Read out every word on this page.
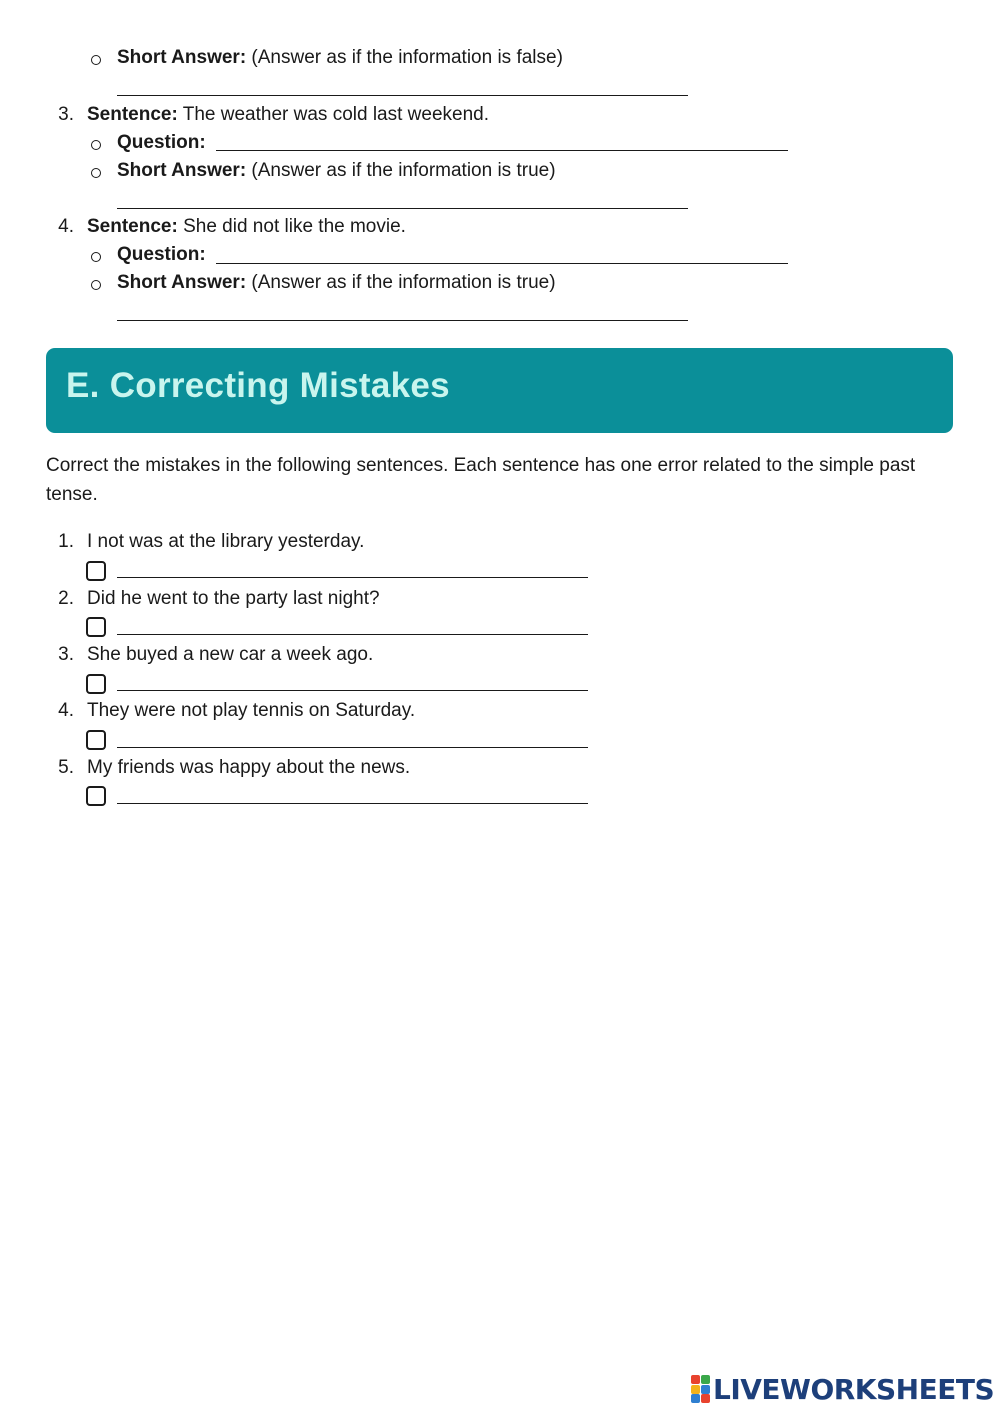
Short Answer: (Answer as if the information is false)
3. Sentence: The weather was cold last weekend.
Question:
Short Answer: (Answer as if the information is true)
4. Sentence: She did not like the movie.
Question:
Short Answer: (Answer as if the information is true)
E. Correcting Mistakes
Correct the mistakes in the following sentences. Each sentence has one error related to the simple past tense.
1. I not was at the library yesterday.
2. Did he went to the party last night?
3. She buyed a new car a week ago.
4. They were not play tennis on Saturday.
5. My friends was happy about the news.
LIVEWORKSHEETS
